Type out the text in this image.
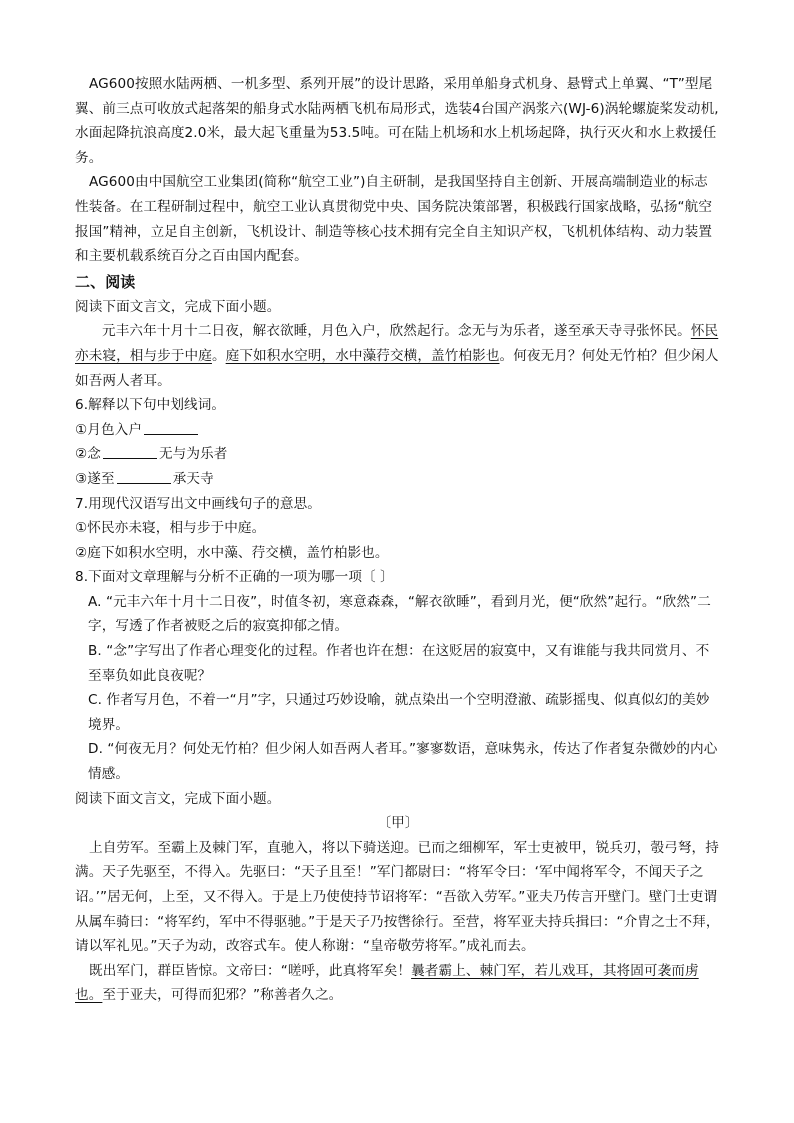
AG600按照水陆两栖、一机多型、系列开展”的设计思路，采用单船身式机身、悬臂式上单翼、“T”型尾翼、前三点可收放式起落架的船身式水陆两栖飞机布局形式，选装4台国产涡浆六(WJ-6)涡轮螺旋桨发动机,水面起降抗浪高度2.0米，最大起飞重量为53.5吨。可在陆上机场和水上机场起降，执行灭火和水上救援任务。

AG600由中国航空工业集团(简称“航空工业”)自主研制，是我国坚持自主创新、开展高端制造业的标志性装备。在工程研制过程中，航空工业认真贯彻党中央、国务院决策部署，积极践行国家战略，弘扬“航空报国”精神，立足自主创新，飞机设计、制造等核心技术拥有完全自主知识产权，飞机机体结构、动力装置和主要机载系统百分之百由国内配套。

二、阅读

阅读下面文言文，完成下面小题。

元丰六年十月十二日夜，解衣欲睡，月色入户，欣然起行。念无与为乐者，遂至承天寺寻张怀民。怀民亦未寝，相与步于中庭。庭下如积水空明，水中藻荇交横，盖竹柏影也。何夜无月？何处无竹柏？但少闲人如吾两人者耳。

6.解释以下句中划线词。

①月色入户

②念	无与为乐者

③遂至	承天寺

7.用现代汉语写出文中画线句子的意思。

①怀民亦未寝，相与步于中庭。

②庭下如积水空明，水中藻、荇交横，盖竹柏影也。

8.下面对文章理解与分析不正确的一项为哪一项〔 〕

A. “元丰六年十月十二日夜”，时值冬初，寒意森森，“解衣欲睡”，看到月光，便“欣然”起行。“欣然”二字，写透了作者被贬之后的寂寞抑郁之情。

B. “念”字写出了作者心理变化的过程。作者也许在想：在这贬居的寂寞中，又有谁能与我共同赏月、不至辜负如此良夜呢？

C. 作者写月色，不着一“月”字，只通过巧妙设喻，就点染出一个空明澄澈、疏影摇曳、似真似幻的美妙境界。

D. “何夜无月？何处无竹柏？但少闲人如吾两人者耳。”寥寥数语，意味隽永，传达了作者复杂微妙的内心情感。

阅读下面文言文，完成下面小题。

〔甲〕

上自劳军。至霸上及棘门军，直驰入，将以下骑送迎。已而之细柳军，军士吏被甲，锐兵刃，彀弓弩，持满。天子先驱至，不得入。先驱曰：“天子且至！”军门都尉曰：“将军令曰：‘军中闻将军令，不闻天子之诏。’”居无何，上至，又不得入。于是上乃使使持节诏将军：“吾欲入劳军。”亚夫乃传言开壁门。壁门士吏谓从属车骑曰：“将军约，军中不得驱驰。”于是天子乃按辔徐行。至营，将军亚夫持兵揖曰：“介胄之士不拜，请以军礼见。”天子为动，改容式车。使人称谢：“皇帝敬劳将军。”成礼而去。

既出军门，群臣皆惊。文帝曰：“嗟呼，此真将军矣！曩者霸上、棘门军，若儿戏耳，其将固可袭而虏也。至于亚夫，可得而犯邪？”称善者久之。
